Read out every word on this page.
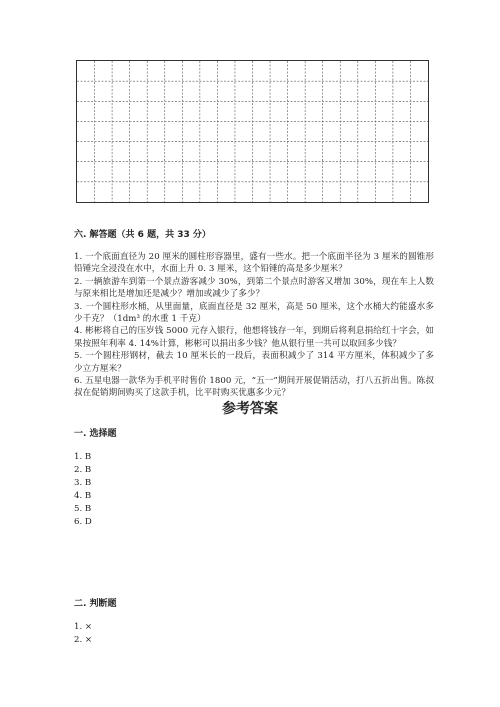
六. 解答题（共 6 题，共 33 分）

1. 一个底面直径为 20 厘米的圆柱形容器里，盛有一些水。把一个底面半径为 3 厘米的圆锥形铅锤完全浸没在水中，水面上升 0. 3 厘米，这个铅锤的高是多少厘米？

2. 一辆旅游车到第一个景点游客减少 30%，到第二个景点时游客又增加 30%，现在车上人数与原来相比是增加还是减少？增加或减少了多少？

3. 一个圆柱形水桶，从里面量，底面直径是 32 厘米，高是 50 厘米，这个水桶大约能盛水多少千克？（1dm³ 的水重 1 千克）

4. 彬彬将自己的压岁钱 5000 元存入银行，他想将钱存一年，到期后将利息捐给红十字会，如果按照年利率 4. 14%计算，彬彬可以捐出多少钱？他从银行里一共可以取回多少钱？

5. 一个圆柱形钢材，截去 10 厘米长的一段后，表面积减少了 314 平方厘米，体积减少了多少立方厘米？

6. 五星电器一款华为手机平时售价 1800 元，“五一”期间开展促销活动，打八五折出售。陈叔叔在促销期间购买了这款手机，比平时购买优惠多少元？

参考答案

一. 选择题

1. B

2. B

3. B

4. B

5. B

6. D

二. 判断题

1. ×

2. ×
